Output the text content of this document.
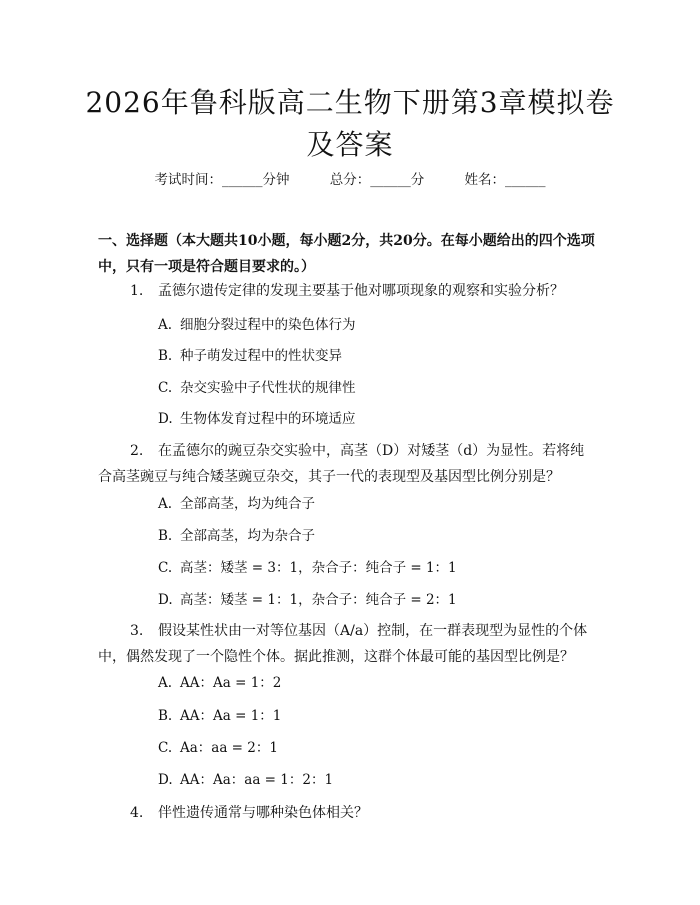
2026年鲁科版高二生物下册第3章模拟卷及答案
考试时间：______分钟	总分：______分	姓名：______
一、选择题（本大题共10小题，每小题2分，共20分。在每小题给出的四个选项中，只有一项是符合题目要求的。）
1. 孟德尔遗传定律的发现主要基于他对哪项现象的观察和实验分析？
A. 细胞分裂过程中的染色体行为
B. 种子萌发过程中的性状变异
C. 杂交实验中子代性状的规律性
D. 生物体发育过程中的环境适应
2. 在孟德尔的豌豆杂交实验中，高茎（D）对矮茎（d）为显性。若将纯合高茎豌豆与纯合矮茎豌豆杂交，其子一代的表现型及基因型比例分别是？
A. 全部高茎，均为纯合子
B. 全部高茎，均为杂合子
C. 高茎：矮茎 = 3：1，杂合子：纯合子 = 1：1
D. 高茎：矮茎 = 1：1，杂合子：纯合子 = 2：1
3. 假设某性状由一对等位基因（A/a）控制，在一群表现型为显性的个体中，偶然发现了一个隐性个体。据此推测，这群个体最可能的基因型比例是？
A. AA：Aa = 1：2
B. AA：Aa = 1：1
C. Aa：aa = 2：1
D. AA：Aa：aa = 1：2：1
4. 伴性遗传通常与哪种染色体相关？
